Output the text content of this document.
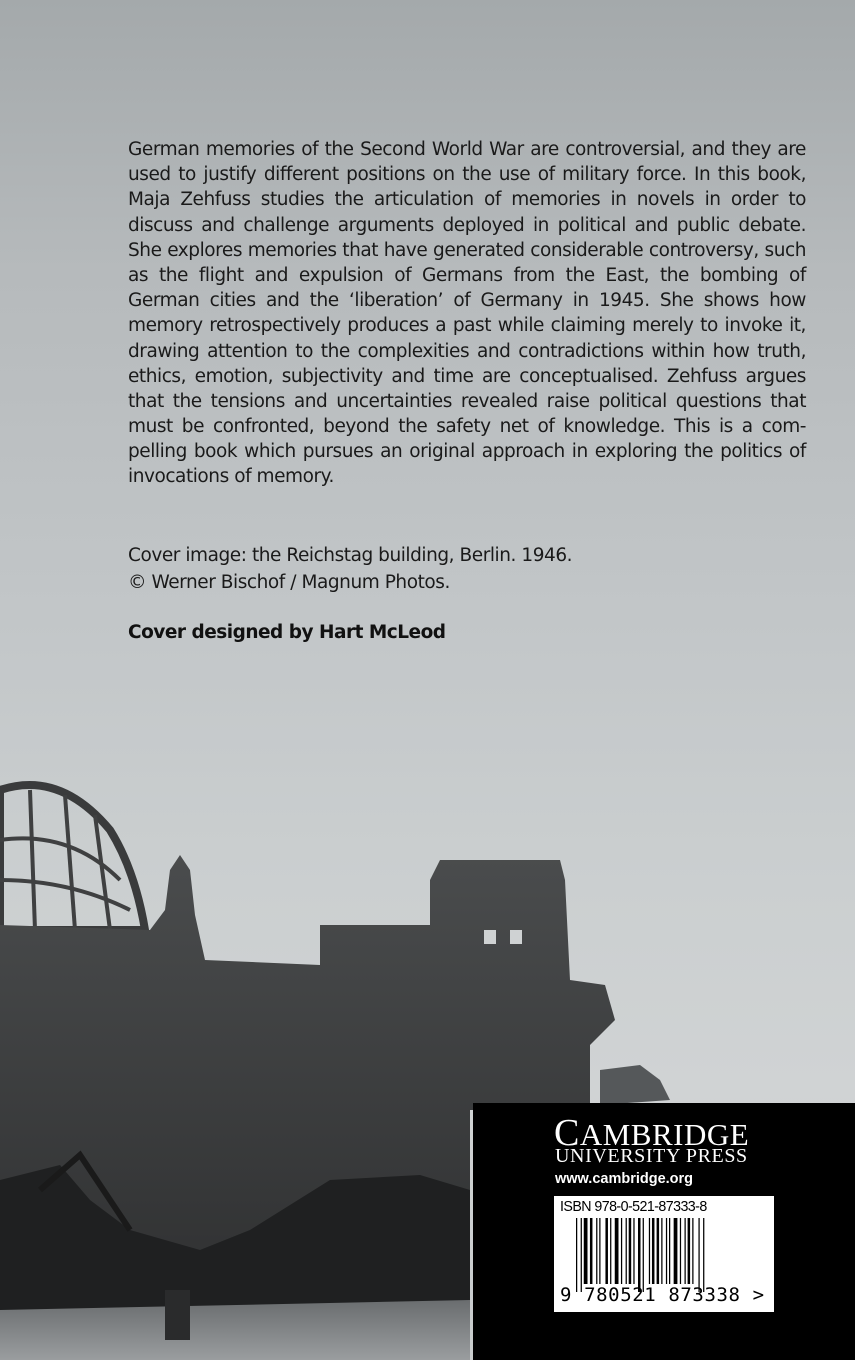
German memories of the Second World War are controversial, and they are
used to justify different positions on the use of military force. In this book,
Maja Zehfuss studies the articulation of memories in novels in order to
discuss and challenge arguments deployed in political and public debate.
She explores memories that have generated considerable controversy, such
as the flight and expulsion of Germans from the East, the bombing of
German cities and the ‘liberation’ of Germany in 1945. She shows how
memory retrospectively produces a past while claiming merely to invoke it,
drawing attention to the complexities and contradictions within how truth,
ethics, emotion, subjectivity and time are conceptualised. Zehfuss argues
that the tensions and uncertainties revealed raise political questions that
must be confronted, beyond the safety net of knowledge. This is a com-
pelling book which pursues an original approach in exploring the politics of
invocations of memory.
Cover image: the Reichstag building, Berlin. 1946.
© Werner Bischof / Magnum Photos.
Cover designed by Hart McLeod
CAMBRIDGE
UNIVERSITY PRESS
www.cambridge.org
ISBN 978-0-521-87333-8
9 780521 873338 >
